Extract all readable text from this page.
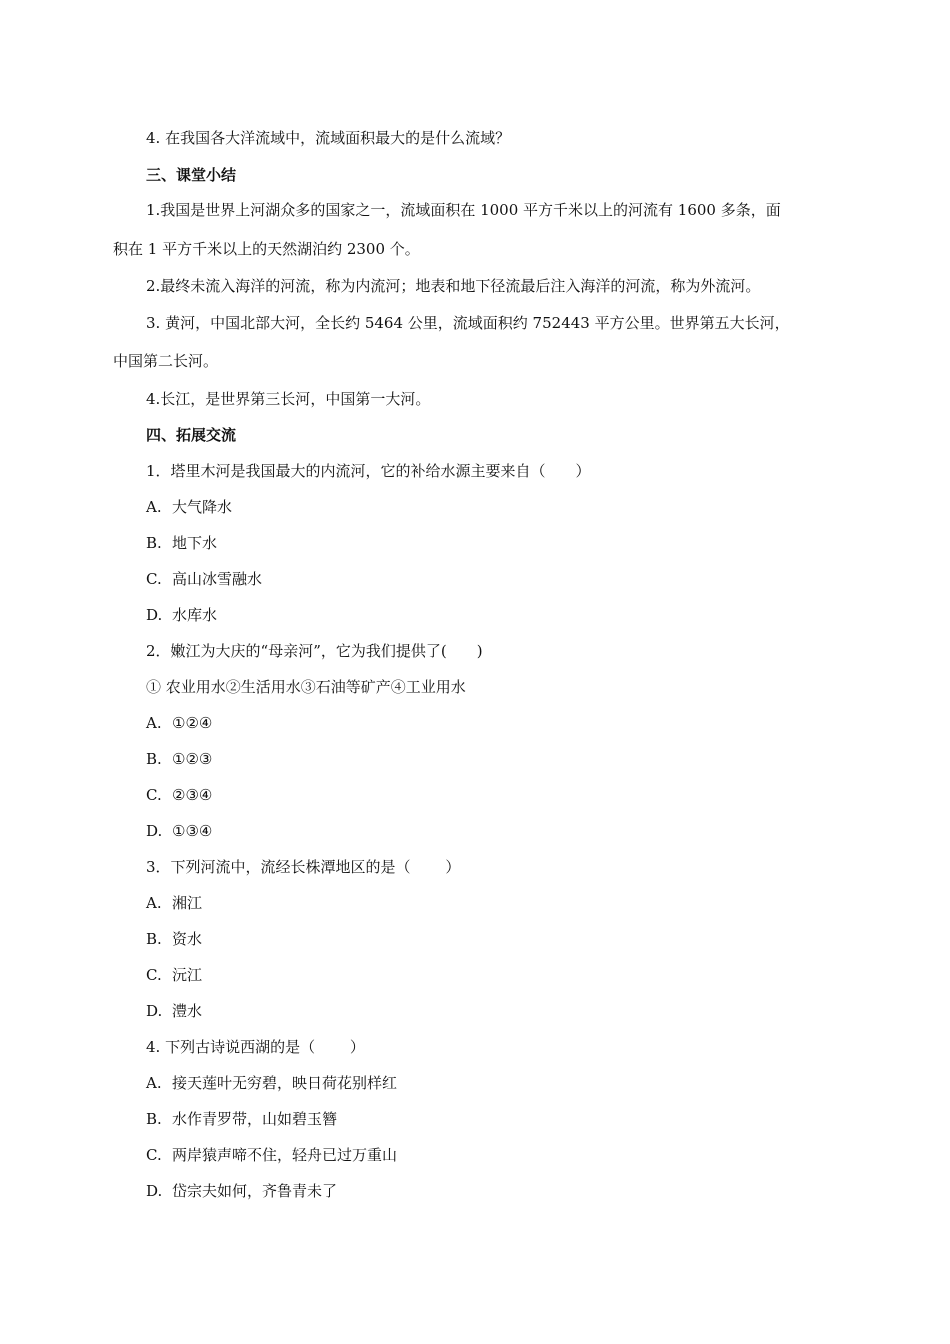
4. 在我国各大洋流域中，流域面积最大的是什么流域？
三、课堂小结
1.我国是世界上河湖众多的国家之一，流域面积在 1000 平方千米以上的河流有 1600 多条，面
积在 1 平方千米以上的天然湖泊约 2300 个。
2.最终未流入海洋的河流，称为内流河；地表和地下径流最后注入海洋的河流，称为外流河。
3. 黄河，中国北部大河，全长约 5464 公里，流域面积约 752443 平方公里。世界第五大长河，
中国第二长河。
4.长江，是世界第三长河，中国第一大河。
四、拓展交流
1．塔里木河是我国最大的内流河，它的补给水源主要来自（　　）
A. 大气降水
B. 地下水
C. 高山冰雪融水
D. 水库水
2．嫩江为大庆的“母亲河”，它为我们提供了(　　)
① 农业用水②生活用水③石油等矿产④工业用水
A. ①②④
B. ①②③
C. ②③④
D. ①③④
3．下列河流中，流经长株潭地区的是（　　 ）
A. 湘江
B. 资水
C. 沅江
D. 澧水
4. 下列古诗说西湖的是（　　 ）
A. 接天莲叶无穷碧，映日荷花别样红
B. 水作青罗带，山如碧玉簪
C. 两岸猿声啼不住，轻舟已过万重山
D. 岱宗夫如何，齐鲁青未了
